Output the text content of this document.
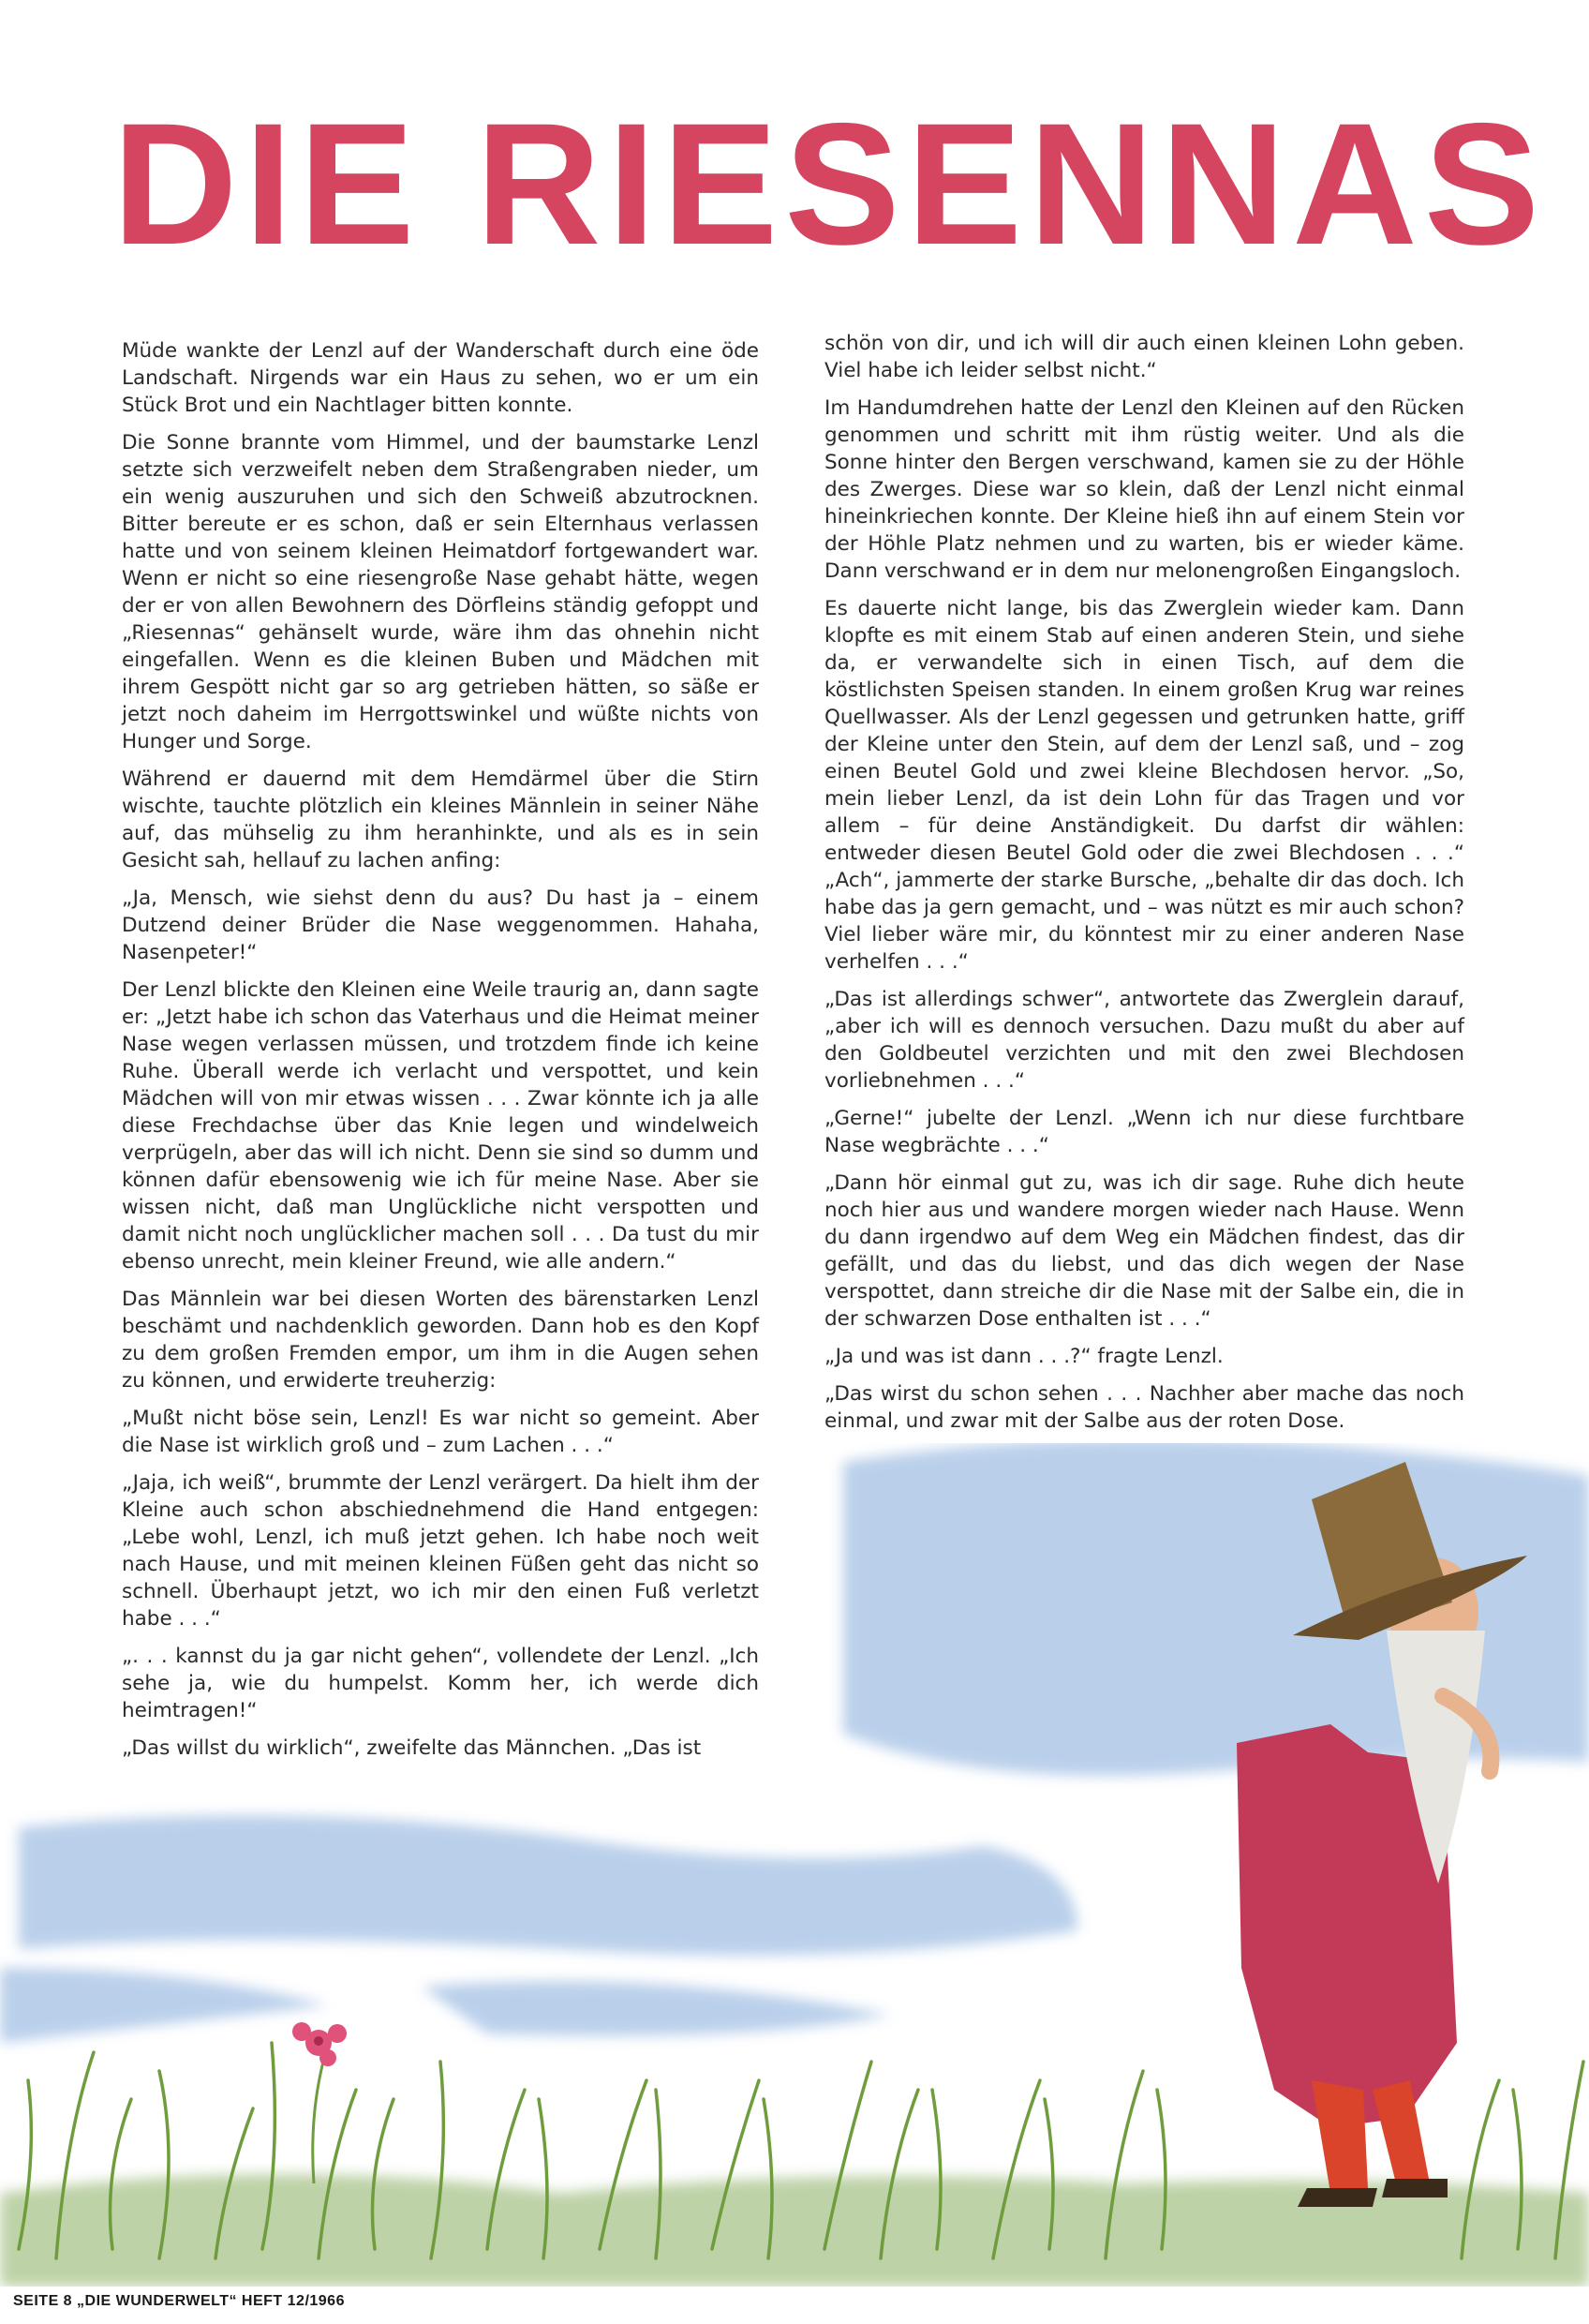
DIE RIESENNAS

Müde wankte der Lenzl auf der Wanderschaft durch eine öde Landschaft. Nirgends war ein Haus zu sehen, wo er um ein Stück Brot und ein Nachtlager bitten konnte.

Die Sonne brannte vom Himmel, und der baumstarke Lenzl setzte sich verzweifelt neben dem Straßengraben nieder, um ein wenig auszuruhen und sich den Schweiß abzutrocknen. Bitter bereute er es schon, daß er sein Elternhaus verlassen hatte und von seinem kleinen Heimatdorf fortgewandert war. Wenn er nicht so eine riesengroße Nase gehabt hätte, wegen der er von allen Bewohnern des Dörfleins ständig gefoppt und „Riesennas“ gehänselt wurde, wäre ihm das ohnehin nicht eingefallen. Wenn es die kleinen Buben und Mädchen mit ihrem Gespött nicht gar so arg getrieben hätten, so säße er jetzt noch daheim im Herrgottswinkel und wüßte nichts von Hunger und Sorge.

Während er dauernd mit dem Hemdärmel über die Stirn wischte, tauchte plötzlich ein kleines Männlein in seiner Nähe auf, das mühselig zu ihm heranhinkte, und als es in sein Gesicht sah, hellauf zu lachen anfing:

„Ja, Mensch, wie siehst denn du aus? Du hast ja – einem Dutzend deiner Brüder die Nase weggenommen. Hahaha, Nasenpeter!“

Der Lenzl blickte den Kleinen eine Weile traurig an, dann sagte er: „Jetzt habe ich schon das Vaterhaus und die Heimat meiner Nase wegen verlassen müssen, und trotzdem finde ich keine Ruhe. Überall werde ich verlacht und verspottet, und kein Mädchen will von mir etwas wissen . . . Zwar könnte ich ja alle diese Frechdachse über das Knie legen und windelweich verprügeln, aber das will ich nicht. Denn sie sind so dumm und können dafür ebensowenig wie ich für meine Nase. Aber sie wissen nicht, daß man Unglückliche nicht verspotten und damit nicht noch unglücklicher machen soll . . . Da tust du mir ebenso unrecht, mein kleiner Freund, wie alle andern.“

Das Männlein war bei diesen Worten des bärenstarken Lenzl beschämt und nachdenklich geworden. Dann hob es den Kopf zu dem großen Fremden empor, um ihm in die Augen sehen zu können, und erwiderte treuherzig:

„Mußt nicht böse sein, Lenzl! Es war nicht so gemeint. Aber die Nase ist wirklich groß und – zum Lachen . . .“

„Jaja, ich weiß“, brummte der Lenzl verärgert. Da hielt ihm der Kleine auch schon abschiednehmend die Hand entgegen: „Lebe wohl, Lenzl, ich muß jetzt gehen. Ich habe noch weit nach Hause, und mit meinen kleinen Füßen geht das nicht so schnell. Überhaupt jetzt, wo ich mir den einen Fuß verletzt habe . . .“

„. . . kannst du ja gar nicht gehen“, vollendete der Lenzl. „Ich sehe ja, wie du humpelst. Komm her, ich werde dich heimtragen!“

„Das willst du wirklich“, zweifelte das Männchen. „Das ist

schön von dir, und ich will dir auch einen kleinen Lohn geben. Viel habe ich leider selbst nicht.“

Im Handumdrehen hatte der Lenzl den Kleinen auf den Rücken genommen und schritt mit ihm rüstig weiter. Und als die Sonne hinter den Bergen verschwand, kamen sie zu der Höhle des Zwerges. Diese war so klein, daß der Lenzl nicht einmal hineinkriechen konnte. Der Kleine hieß ihn auf einem Stein vor der Höhle Platz nehmen und zu warten, bis er wieder käme. Dann verschwand er in dem nur melonengroßen Eingangsloch.

Es dauerte nicht lange, bis das Zwerglein wieder kam. Dann klopfte es mit einem Stab auf einen anderen Stein, und siehe da, er verwandelte sich in einen Tisch, auf dem die köstlichsten Speisen standen. In einem großen Krug war reines Quellwasser. Als der Lenzl gegessen und getrunken hatte, griff der Kleine unter den Stein, auf dem der Lenzl saß, und – zog einen Beutel Gold und zwei kleine Blechdosen hervor. „So, mein lieber Lenzl, da ist dein Lohn für das Tragen und vor allem – für deine Anständigkeit. Du darfst dir wählen: entweder diesen Beutel Gold oder die zwei Blechdosen . . .“ „Ach“, jammerte der starke Bursche, „behalte dir das doch. Ich habe das ja gern gemacht, und – was nützt es mir auch schon? Viel lieber wäre mir, du könntest mir zu einer anderen Nase verhelfen . . .“

„Das ist allerdings schwer“, antwortete das Zwerglein darauf, „aber ich will es dennoch versuchen. Dazu mußt du aber auf den Goldbeutel verzichten und mit den zwei Blechdosen vorliebnehmen . . .“

„Gerne!“ jubelte der Lenzl. „Wenn ich nur diese furchtbare Nase wegbrächte . . .“

„Dann hör einmal gut zu, was ich dir sage. Ruhe dich heute noch hier aus und wandere morgen wieder nach Hause. Wenn du dann irgendwo auf dem Weg ein Mädchen findest, das dir gefällt, und das du liebst, und das dich wegen der Nase verspottet, dann streiche dir die Nase mit der Salbe ein, die in der schwarzen Dose enthalten ist . . .“

„Ja und was ist dann . . .?“ fragte Lenzl.

„Das wirst du schon sehen . . . Nachher aber mache das noch einmal, und zwar mit der Salbe aus der roten Dose.

SEITE 8 „DIE WUNDERWELT“ HEFT 12/1966
